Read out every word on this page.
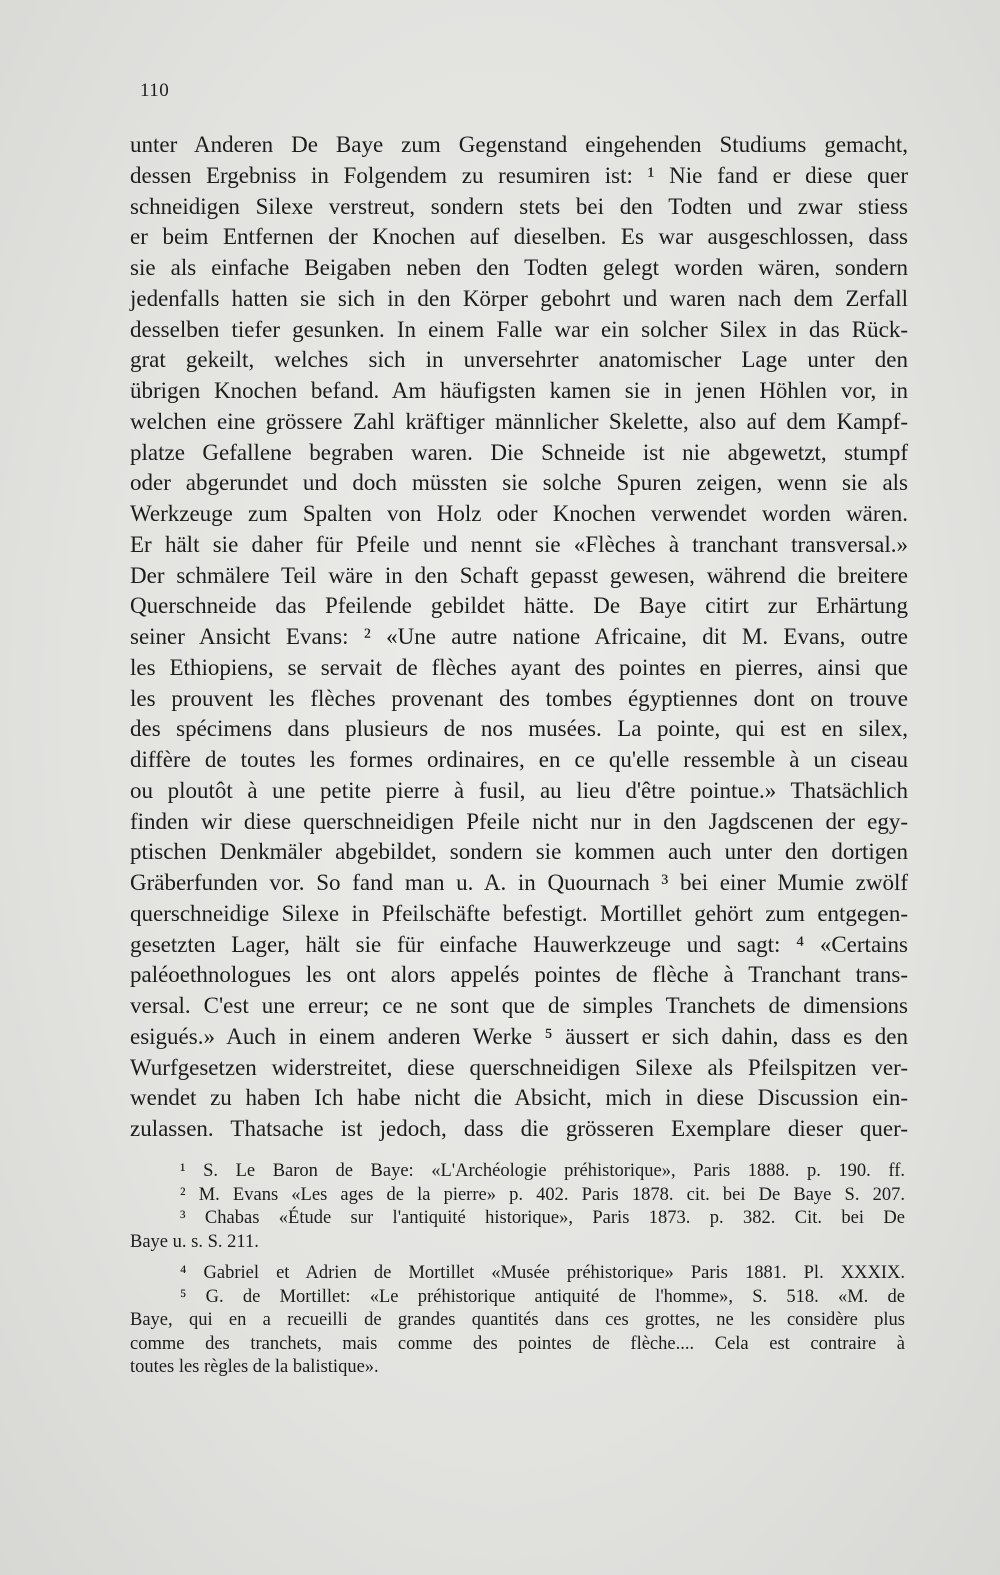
110
unter Anderen De Baye zum Gegenstand eingehenden Studiums gemacht,
dessen Ergebniss in Folgendem zu resumiren ist: ¹ Nie fand er diese quer
schneidigen Silexe verstreut, sondern stets bei den Todten und zwar stiess
er beim Entfernen der Knochen auf dieselben. Es war ausgeschlossen, dass
sie als einfache Beigaben neben den Todten gelegt worden wären, sondern
jedenfalls hatten sie sich in den Körper gebohrt und waren nach dem Zerfall
desselben tiefer gesunken. In einem Falle war ein solcher Silex in das Rück-
grat gekeilt, welches sich in unversehrter anatomischer Lage unter den
übrigen Knochen befand. Am häufigsten kamen sie in jenen Höhlen vor, in
welchen eine grössere Zahl kräftiger männlicher Skelette, also auf dem Kampf-
platze Gefallene begraben waren. Die Schneide ist nie abgewetzt, stumpf
oder abgerundet und doch müssten sie solche Spuren zeigen, wenn sie als
Werkzeuge zum Spalten von Holz oder Knochen verwendet worden wären.
Er hält sie daher für Pfeile und nennt sie «Flèches à tranchant transversal.»
Der schmälere Teil wäre in den Schaft gepasst gewesen, während die breitere
Querschneide das Pfeilende gebildet hätte. De Baye citirt zur Erhärtung
seiner Ansicht Evans: ² «Une autre natione Africaine, dit M. Evans, outre
les Ethiopiens, se servait de flèches ayant des pointes en pierres, ainsi que
les prouvent les flèches provenant des tombes égyptiennes dont on trouve
des spécimens dans plusieurs de nos musées. La pointe, qui est en silex,
diffère de toutes les formes ordinaires, en ce qu'elle ressemble à un ciseau
ou ploutôt à une petite pierre à fusil, au lieu d'être pointue.» Thatsächlich
finden wir diese querschneidigen Pfeile nicht nur in den Jagdscenen der egy-
ptischen Denkmäler abgebildet, sondern sie kommen auch unter den dortigen
Gräberfunden vor. So fand man u. A. in Quournach ³ bei einer Mumie zwölf
querschneidige Silexe in Pfeilschäfte befestigt. Mortillet gehört zum entgegen-
gesetzten Lager, hält sie für einfache Hauwerkzeuge und sagt: ⁴ «Certains
paléoethnologues les ont alors appelés pointes de flèche à Tranchant trans-
versal. C'est une erreur; ce ne sont que de simples Tranchets de dimensions
esigués.» Auch in einem anderen Werke ⁵ äussert er sich dahin, dass es den
Wurfgesetzen widerstreitet, diese querschneidigen Silexe als Pfeilspitzen ver-
wendet zu haben Ich habe nicht die Absicht, mich in diese Discussion ein-
zulassen. Thatsache ist jedoch, dass die grösseren Exemplare dieser quer-
¹ S. Le Baron de Baye: «L'Archéologie préhistorique», Paris 1888. p. 190. ff.
² M. Evans «Les ages de la pierre» p. 402. Paris 1878. cit. bei De Baye S. 207.
³ Chabas «Étude sur l'antiquité historique», Paris 1873. p. 382. Cit. bei De
Baye u. s. S. 211.
⁴ Gabriel et Adrien de Mortillet «Musée préhistorique» Paris 1881. Pl. XXXIX.
⁵ G. de Mortillet: «Le préhistorique antiquité de l'homme», S. 518. «M. de
Baye, qui en a recueilli de grandes quantités dans ces grottes, ne les considère plus
comme des tranchets, mais comme des pointes de flèche.... Cela est contraire à
toutes les règles de la balistique».
